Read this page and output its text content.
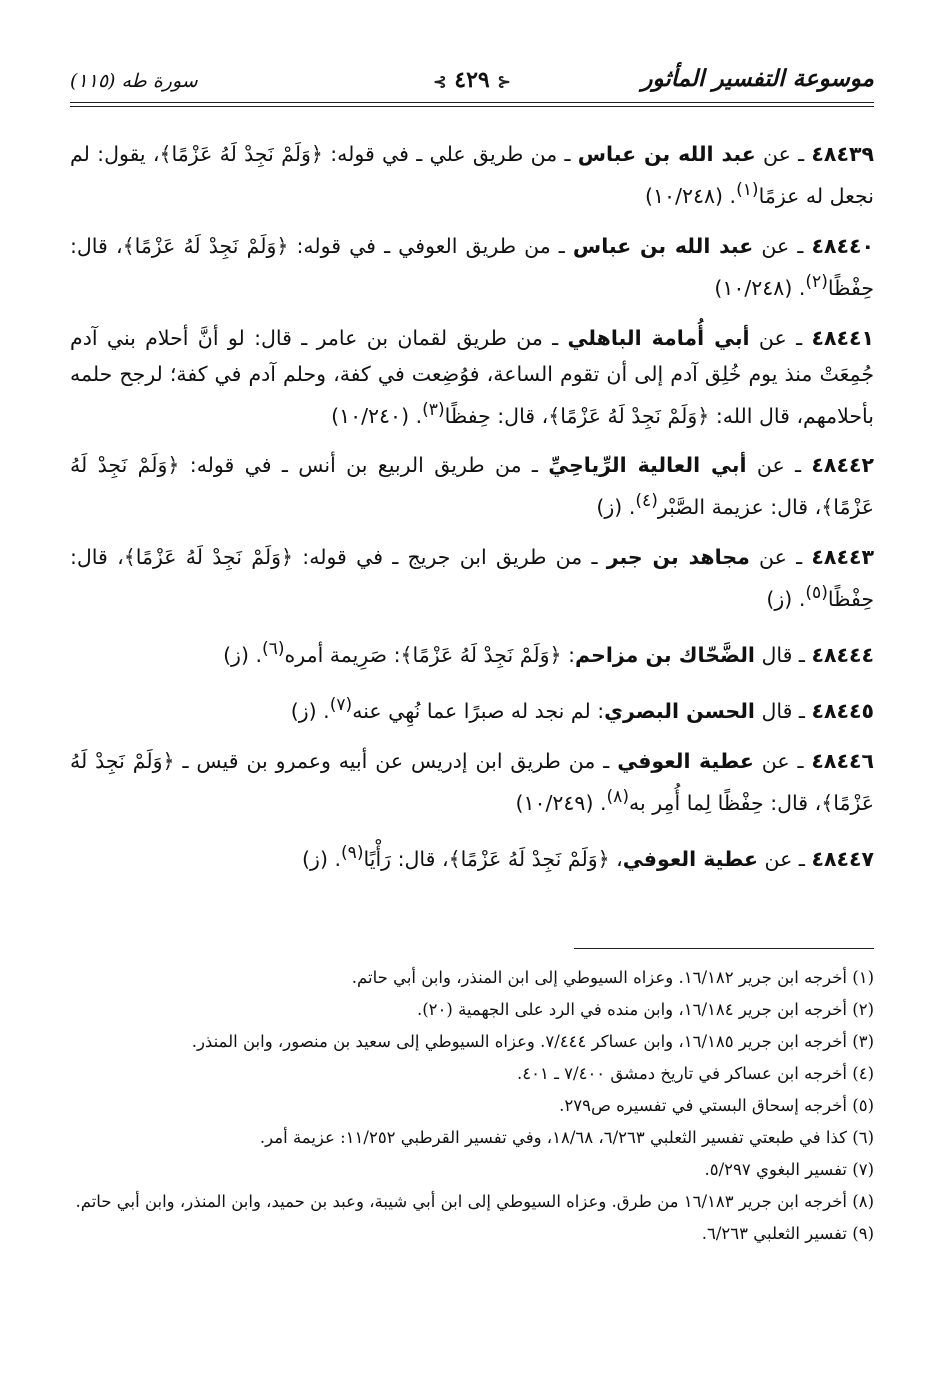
موسوعة التفسير المأثور
⊰ ٤٢٩ ⊱
سورة طه (١١٥)

٤٨٤٣٩ ـ عن عبد الله بن عباس ـ من طريق علي ـ في قوله: ﴿وَلَمْ نَجِدْ لَهُ عَزْمًا﴾، يقول: لم نجعل له عزمًا$^{(١)}$. (١٠/٢٤٨)

٤٨٤٤٠ ـ عن عبد الله بن عباس ـ من طريق العوفي ـ في قوله: ﴿وَلَمْ نَجِدْ لَهُ عَزْمًا﴾، قال: حِفْظًا$^{(٢)}$. (١٠/٢٤٨)

٤٨٤٤١ ـ عن أبي أُمامة الباهلي ـ من طريق لقمان بن عامر ـ قال: لو أنَّ أحلام بني آدم جُمِعَتْ منذ يوم خُلِق آدم إلى أن تقوم الساعة، فوُضِعت في كفة، وحلم آدم في كفة؛ لرجح حلمه بأحلامهم، قال الله: ﴿وَلَمْ نَجِدْ لَهُ عَزْمًا﴾، قال: حِفظًا$^{(٣)}$. (١٠/٢٤٠)

٤٨٤٤٢ ـ عن أبي العالية الرِّياحِيِّ ـ من طريق الربيع بن أنس ـ في قوله: ﴿وَلَمْ نَجِدْ لَهُ عَزْمًا﴾، قال: عزيمة الصَّبْر$^{(٤)}$. (ز)

٤٨٤٤٣ ـ عن مجاهد بن جبر ـ من طريق ابن جريج ـ في قوله: ﴿وَلَمْ نَجِدْ لَهُ عَزْمًا﴾، قال: حِفْظًا$^{(٥)}$. (ز)

٤٨٤٤٤ ـ قال الضَّحّاك بن مزاحم: ﴿وَلَمْ نَجِدْ لَهُ عَزْمًا﴾: صَرِيمة أمره$^{(٦)}$. (ز)

٤٨٤٤٥ ـ قال الحسن البصري: لم نجد له صبرًا عما نُهِي عنه$^{(٧)}$. (ز)

٤٨٤٤٦ ـ عن عطية العوفي ـ من طريق ابن إدريس عن أبيه وعمرو بن قيس ـ ﴿وَلَمْ نَجِدْ لَهُ عَزْمًا﴾، قال: حِفْظًا لِما أُمِر به$^{(٨)}$. (١٠/٢٤٩)

٤٨٤٤٧ ـ عن عطية العوفي، ﴿وَلَمْ نَجِدْ لَهُ عَزْمًا﴾، قال: رَأْيًا$^{(٩)}$. (ز)

(١) أخرجه ابن جرير ١٦/١٨٢. وعزاه السيوطي إلى ابن المنذر، وابن أبي حاتم.

(٢) أخرجه ابن جرير ١٦/١٨٤، وابن منده في الرد على الجهمية (٢٠).

(٣) أخرجه ابن جرير ١٦/١٨٥، وابن عساكر ٧/٤٤٤. وعزاه السيوطي إلى سعيد بن منصور، وابن المنذر.

(٤) أخرجه ابن عساكر في تاريخ دمشق ٧/٤٠٠ ـ ٤٠١.

(٥) أخرجه إسحاق البستي في تفسيره ص٢٧٩.

(٦) كذا في طبعتي تفسير الثعلبي ٦/٢٦٣، ١٨/٦٨، وفي تفسير القرطبي ١١/٢٥٢: عزيمة أمر.

(٧) تفسير البغوي ٥/٢٩٧.

(٨) أخرجه ابن جرير ١٦/١٨٣ من طرق. وعزاه السيوطي إلى ابن أبي شيبة، وعبد بن حميد، وابن المنذر، وابن أبي حاتم.

(٩) تفسير الثعلبي ٦/٢٦٣.
